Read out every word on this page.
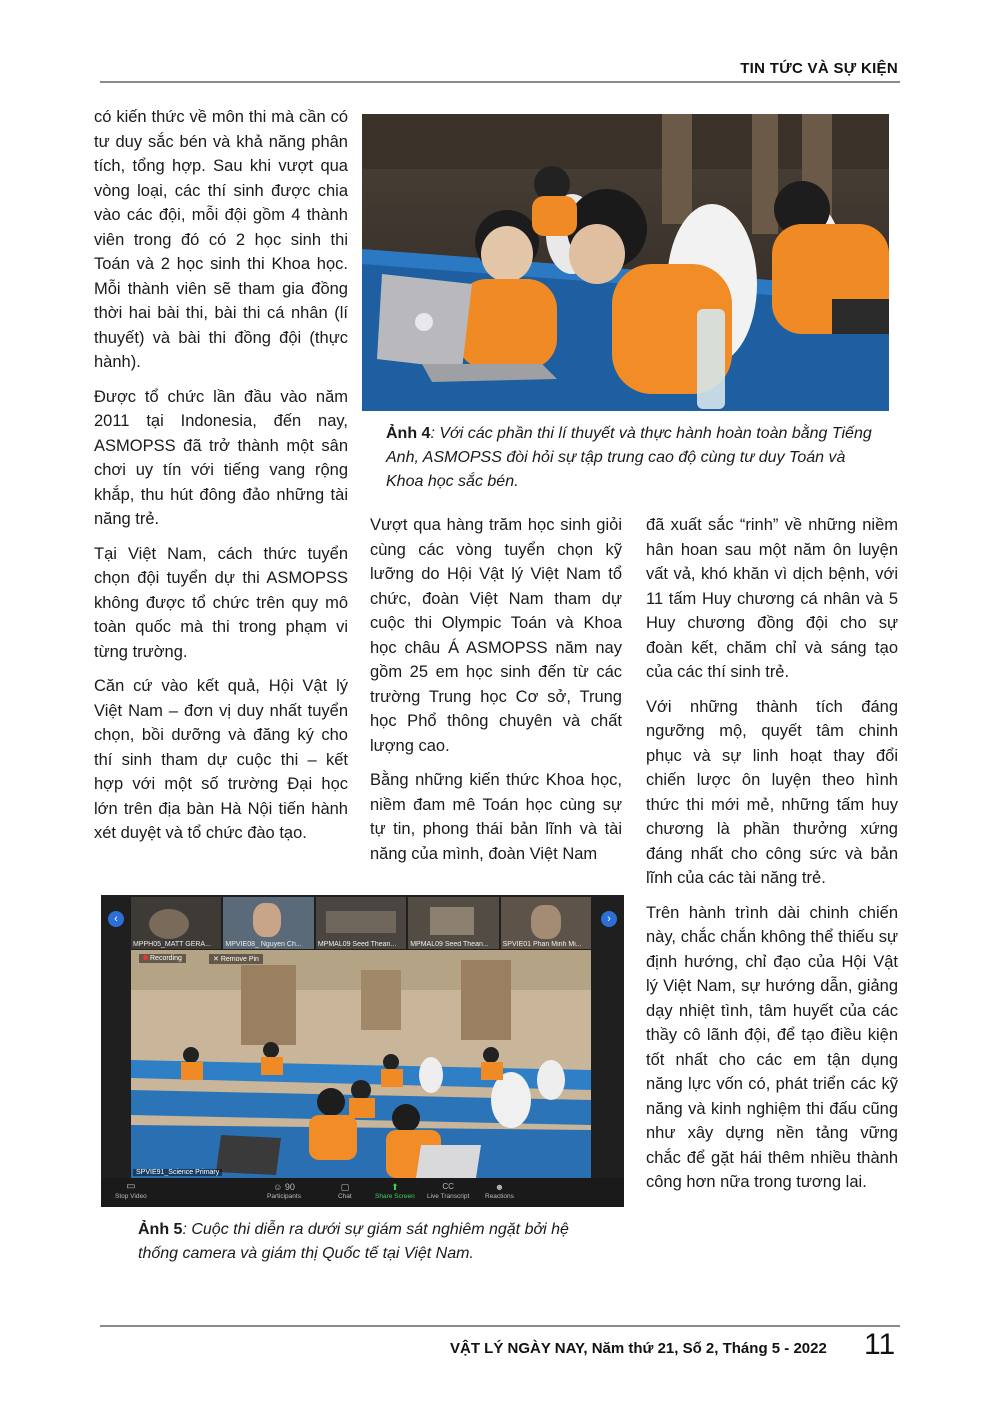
TIN TỨC VÀ SỰ KIỆN

có kiến thức về môn thi mà cần có tư duy sắc bén và khả năng phân tích, tổng hợp. Sau khi vượt qua vòng loại, các thí sinh được chia vào các đội, mỗi đội gồm 4 thành viên trong đó có 2 học sinh thi Toán và 2 học sinh thi Khoa học. Mỗi thành viên sẽ tham gia đồng thời hai bài thi, bài thi cá nhân (lí thuyết) và bài thi đồng đội (thực hành).

Được tổ chức lần đầu vào năm 2011 tại Indonesia, đến nay, ASMOPSS đã trở thành một sân chơi uy tín với tiếng vang rộng khắp, thu hút đông đảo những tài năng trẻ.

Tại Việt Nam, cách thức tuyển chọn đội tuyển dự thi ASMOPSS không được tổ chức trên quy mô toàn quốc mà thi trong phạm vi từng trường.

Căn cứ vào kết quả, Hội Vật lý Việt Nam – đơn vị duy nhất tuyển chọn, bồi dưỡng và đăng ký cho thí sinh tham dự cuộc thi – kết hợp với một số trường Đại học lớn trên địa bàn Hà Nội tiến hành xét duyệt và tổ chức đào tạo.

Ảnh 4: Với các phần thi lí thuyết và thực hành hoàn toàn bằng Tiếng Anh, ASMOPSS đòi hỏi sự tập trung cao độ cùng tư duy Toán và Khoa học sắc bén.

Vượt qua hàng trăm học sinh giỏi cùng các vòng tuyển chọn kỹ lưỡng do Hội Vật lý Việt Nam tổ chức, đoàn Việt Nam tham dự cuộc thi Olympic Toán và Khoa học châu Á ASMOPSS năm nay gồm 25 em học sinh đến từ các trường Trung học Cơ sở, Trung học Phổ thông chuyên và chất lượng cao.

Bằng những kiến thức Khoa học, niềm đam mê Toán học cùng sự tự tin, phong thái bản lĩnh và tài năng của mình, đoàn Việt Nam

đã xuất sắc “rinh” về những niềm hân hoan sau một năm ôn luyện vất vả, khó khăn vì dịch bệnh, với 11 tấm Huy chương cá nhân và 5 Huy chương đồng đội cho sự đoàn kết, chăm chỉ và sáng tạo của các thí sinh trẻ.

Với những thành tích đáng ngưỡng mộ, quyết tâm chinh phục và sự linh hoạt thay đổi chiến lược ôn luyện theo hình thức thi mới mẻ, những tấm huy chương là phần thưởng xứng đáng nhất cho công sức và bản lĩnh của các tài năng trẻ.

Trên hành trình dài chinh chiến này, chắc chắn không thể thiếu sự định hướng, chỉ đạo của Hội Vật lý Việt Nam, sự hướng dẫn, giảng dạy nhiệt tình, tâm huyết của các thầy cô lãnh đội, để tạo điều kiện tốt nhất cho các em tận dụng năng lực vốn có, phát triển các kỹ năng và kinh nghiệm thi đấu cũng như xây dựng nền tảng vững chắc để gặt hái thêm nhiều thành công hơn nữa trong tương lai.

MPPH05_MATT GERA...	MPVIE08_ Nguyen Ch...	MPMAL09 Seed Thean...	MPMAL09 Seed Thean...	SPVIE01 Phan Minh Mi...
‹	›
Recording	✕ Remove Pin
SPVIE91_Science Primary
▭
Stop Video
☺ 90
Participants
▢
Chat
⬆
Share Screen
CC
Live Transcript
☻
Reactions
Ảnh 5: Cuộc thi diễn ra dưới sự giám sát nghiêm ngặt bởi hệ thống camera và giám thị Quốc tế tại Việt Nam.
VẬT LÝ NGÀY NAY, Năm thứ 21, Số 2, Tháng 5 - 2022 11
